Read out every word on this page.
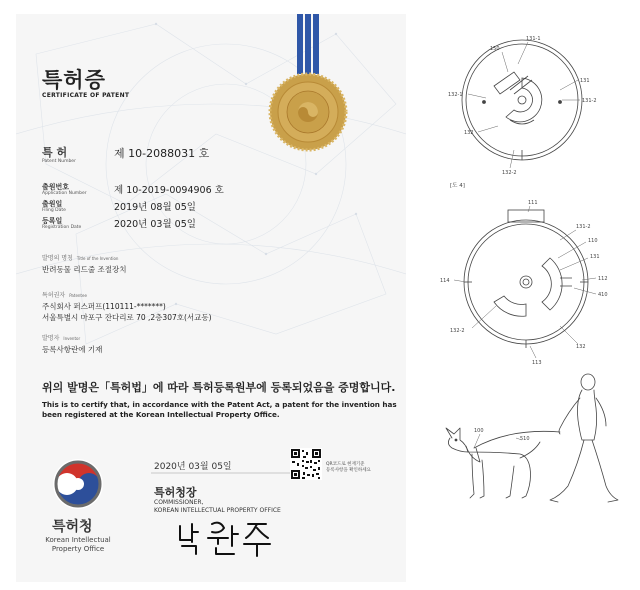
특허증
CERTIFICATE OF PATENT
특 허
Patent Number
제 10-2088031 호
출원번호
Application Number	제 10-2019-0094906 호
출원일
Filing Date	2019년 08월 05일
등록일
Registration Date	2020년 03월 05일
발명의 명칭 Title of the Invention
반려동물 리드줄 조절장치
특허권자 Patentee
주식회사 퍼스퍼프(110111-*******)
서울특별시 마포구 잔다리로 70 ,2층307호(서교동)
발명자 Inventor
등록사항란에 기재
위의 발명은「특허법」에 따라 특허등록원부에 등록되었음을 증명합니다.
This is to certify that, in accordance with the Patent Act, a patent for the invention has been registered at the Korean Intellectual Property Office.
특허청
Korean Intellectual Property Office
2020년 03월 05일	QR코드로 현재기준
등록사항을 확인하세요
특허청장
COMMISSIONER,
KOREAN INTELLECTUAL PROPERTY OFFICE
131-1
150
131
132-1
131-2
132
132-2
[도 4]
111
131-2
110
131
114	112
410
132-2
132
113
100
510
